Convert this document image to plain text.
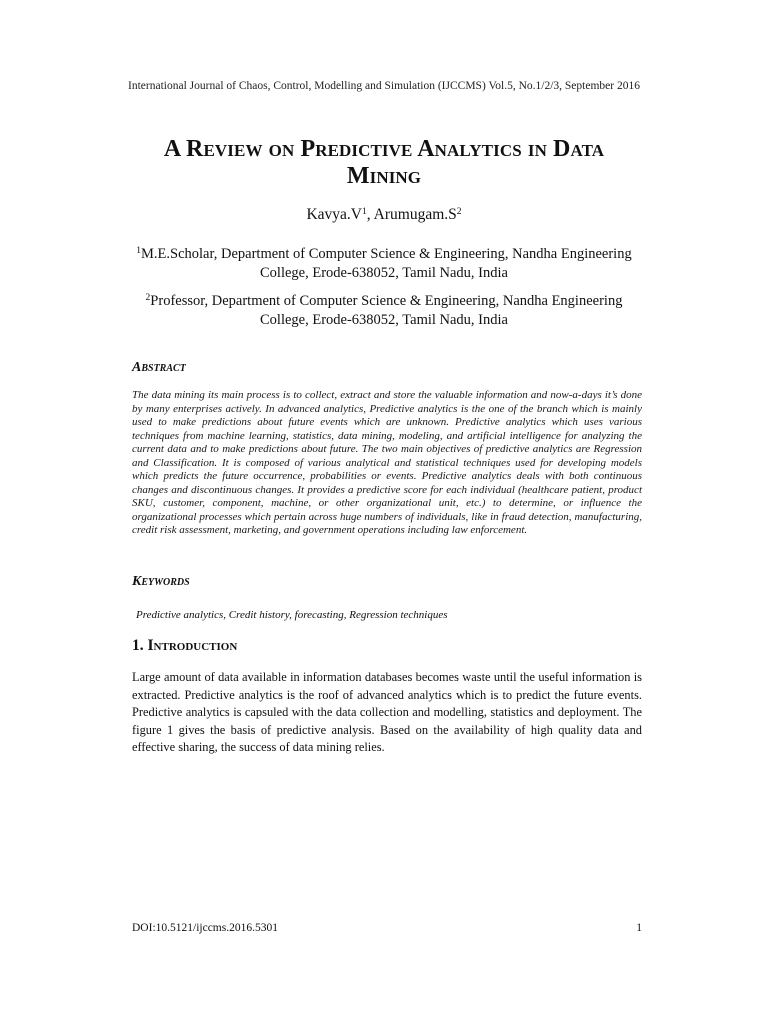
International Journal of Chaos, Control, Modelling and Simulation (IJCCMS) Vol.5, No.1/2/3, September 2016
A Review on Predictive Analytics in Data
Mining
$Kavya.V^1$, $Arumugam.S^2$
$^1$M.E.Scholar, Department of Computer Science & Engineering, Nandha Engineering College, Erode-638052, Tamil Nadu, India
$^2$Professor, Department of Computer Science & Engineering, Nandha Engineering College, Erode-638052, Tamil Nadu, India
Abstract
The data mining its main process is to collect, extract and store the valuable information and now-a-days it’s done by many enterprises actively. In advanced analytics, Predictive analytics is the one of the branch which is mainly used to make predictions about future events which are unknown. Predictive analytics which uses various techniques from machine learning, statistics, data mining, modeling, and artificial intelligence for analyzing the current data and to make predictions about future. The two main objectives of predictive analytics are Regression and Classification. It is composed of various analytical and statistical techniques used for developing models which predicts the future occurrence, probabilities or events. Predictive analytics deals with both continuous changes and discontinuous changes. It provides a predictive score for each individual (healthcare patient, product SKU, customer, component, machine, or other organizational unit, etc.) to determine, or influence the organizational processes which pertain across huge numbers of individuals, like in fraud detection, manufacturing, credit risk assessment, marketing, and government operations including law enforcement.
Keywords
Predictive analytics, Credit history, forecasting, Regression techniques
1. Introduction
Large amount of data available in information databases becomes waste until the useful information is extracted. Predictive analytics is the roof of advanced analytics which is to predict the future events. Predictive analytics is capsuled with the data collection and modelling, statistics and deployment. The figure 1 gives the basis of predictive analysis. Based on the availability of high quality data and effective sharing, the success of data mining relies.
DOI:10.5121/ijccms.2016.5301	1
